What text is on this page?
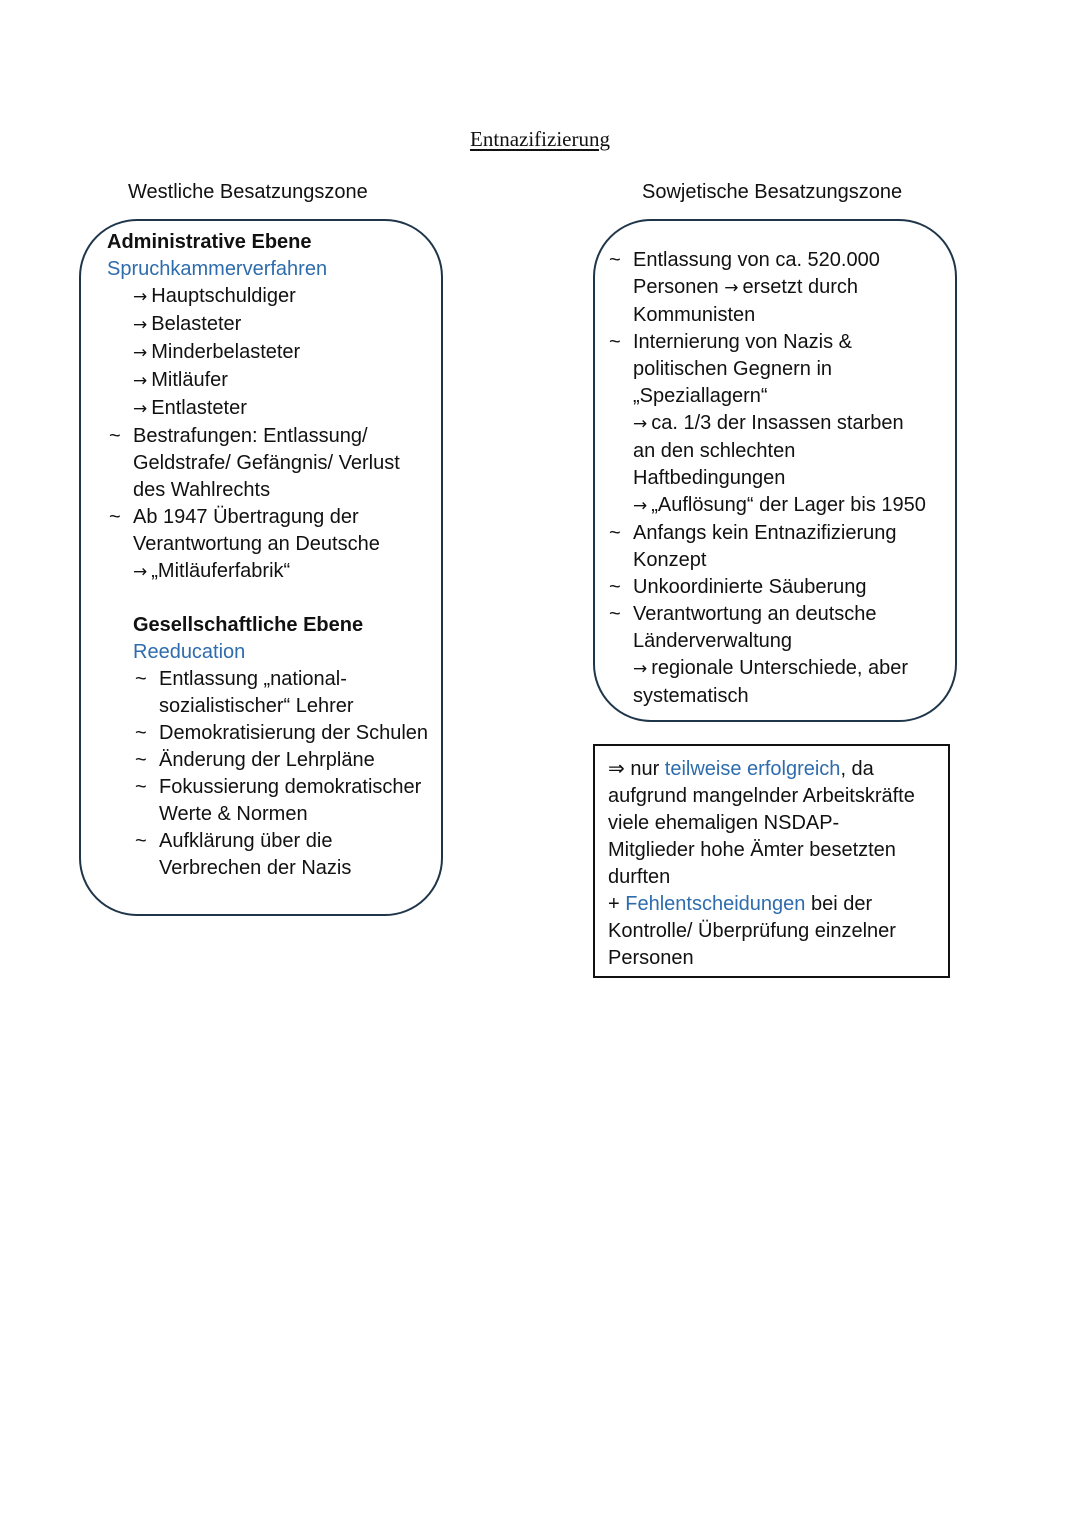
Entnazifizierung
Westliche Besatzungszone	Sowjetische Besatzungszone
Administrative Ebene
Spruchkammerverfahren
→ Hauptschuldiger
→ Belasteter
→ Minderbelasteter
→ Mitläufer
→ Entlasteter
~ Bestrafungen: Entlassung/
Geldstrafe/ Gefängnis/ Verlust
des Wahlrechts
~ Ab 1947 Übertragung der
Verantwortung an Deutsche
→ „Mitläuferfabrik“
Gesellschaftliche Ebene
Reeducation
~ Entlassung „national-
sozialistischer“ Lehrer
~ Demokratisierung der Schulen
~ Änderung der Lehrpläne
~ Fokussierung demokratischer
Werte & Normen
~ Aufklärung über die
Verbrechen der Nazis
~ Entlassung von ca. 520.000
Personen → ersetzt durch
Kommunisten
~ Internierung von Nazis &
politischen Gegnern in
„Speziallagern“
→ ca. 1/3 der Insassen starben
an den schlechten
Haftbedingungen
→ „Auflösung“ der Lager bis 1950
~ Anfangs kein Entnazifizierung
Konzept
~ Unkoordinierte Säuberung
~ Verantwortung an deutsche
Länderverwaltung
→ regionale Unterschiede, aber
systematisch
⇒ nur teilweise erfolgreich, da
aufgrund mangelnder Arbeitskräfte
viele ehemaligen NSDAP-
Mitglieder hohe Ämter besetzten
durften
+ Fehlentscheidungen bei der
Kontrolle/ Überprüfung einzelner
Personen
